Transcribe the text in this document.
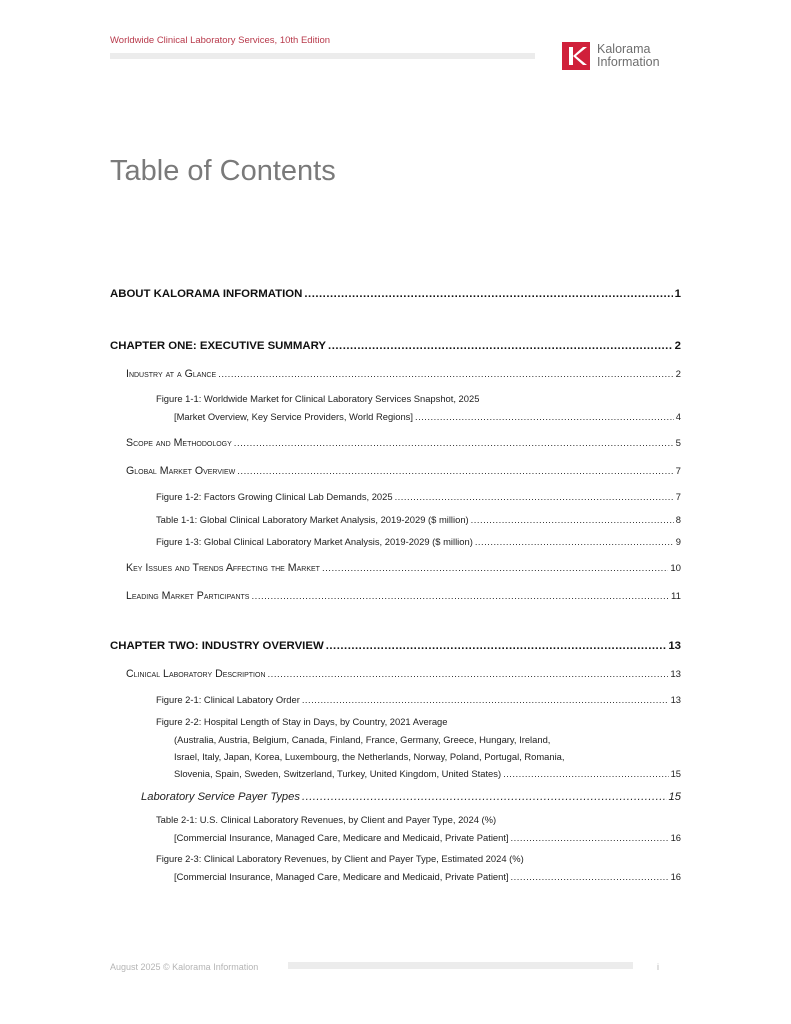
Worldwide Clinical Laboratory Services, 10th Edition
Kalorama
Information
Table of Contents
ABOUT KALORAMA INFORMATION .....	1
CHAPTER ONE: EXECUTIVE SUMMARY .....	2
Industry at a Glance .....	2
Figure 1-1: Worldwide Market for Clinical Laboratory Services Snapshot, 2025
[Market Overview, Key Service Providers, World Regions] .....	4
Scope and Methodology .....	5
Global Market Overview .....	7
Figure 1-2: Factors Growing Clinical Lab Demands, 2025 .....	7
Table 1-1: Global Clinical Laboratory Market Analysis, 2019-2029 ($ million) .....	8
Figure 1-3: Global Clinical Laboratory Market Analysis, 2019-2029 ($ million) .....	9
Key Issues and Trends Affecting the Market .....	10
Leading Market Participants .....	11
CHAPTER TWO: INDUSTRY OVERVIEW .....	13
Clinical Laboratory Description .....	13
Figure 2-1: Clinical Labatory Order .....	13
Figure 2-2: Hospital Length of Stay in Days, by Country, 2021 Average
(Australia, Austria, Belgium, Canada, Finland, France, Germany, Greece, Hungary, Ireland,
Israel, Italy, Japan, Korea, Luxembourg, the Netherlands, Norway, Poland, Portugal, Romania,
Slovenia, Spain, Sweden, Switzerland, Turkey, United Kingdom, United States) .....	15
Laboratory Service Payer Types .....	15
Table 2-1: U.S. Clinical Laboratory Revenues, by Client and Payer Type, 2024 (%)
[Commercial Insurance, Managed Care, Medicare and Medicaid, Private Patient] .....	16
Figure 2-3: Clinical Laboratory Revenues, by Client and Payer Type, Estimated 2024 (%)
[Commercial Insurance, Managed Care, Medicare and Medicaid, Private Patient] .....	16
August 2025 © Kalorama Information	i
